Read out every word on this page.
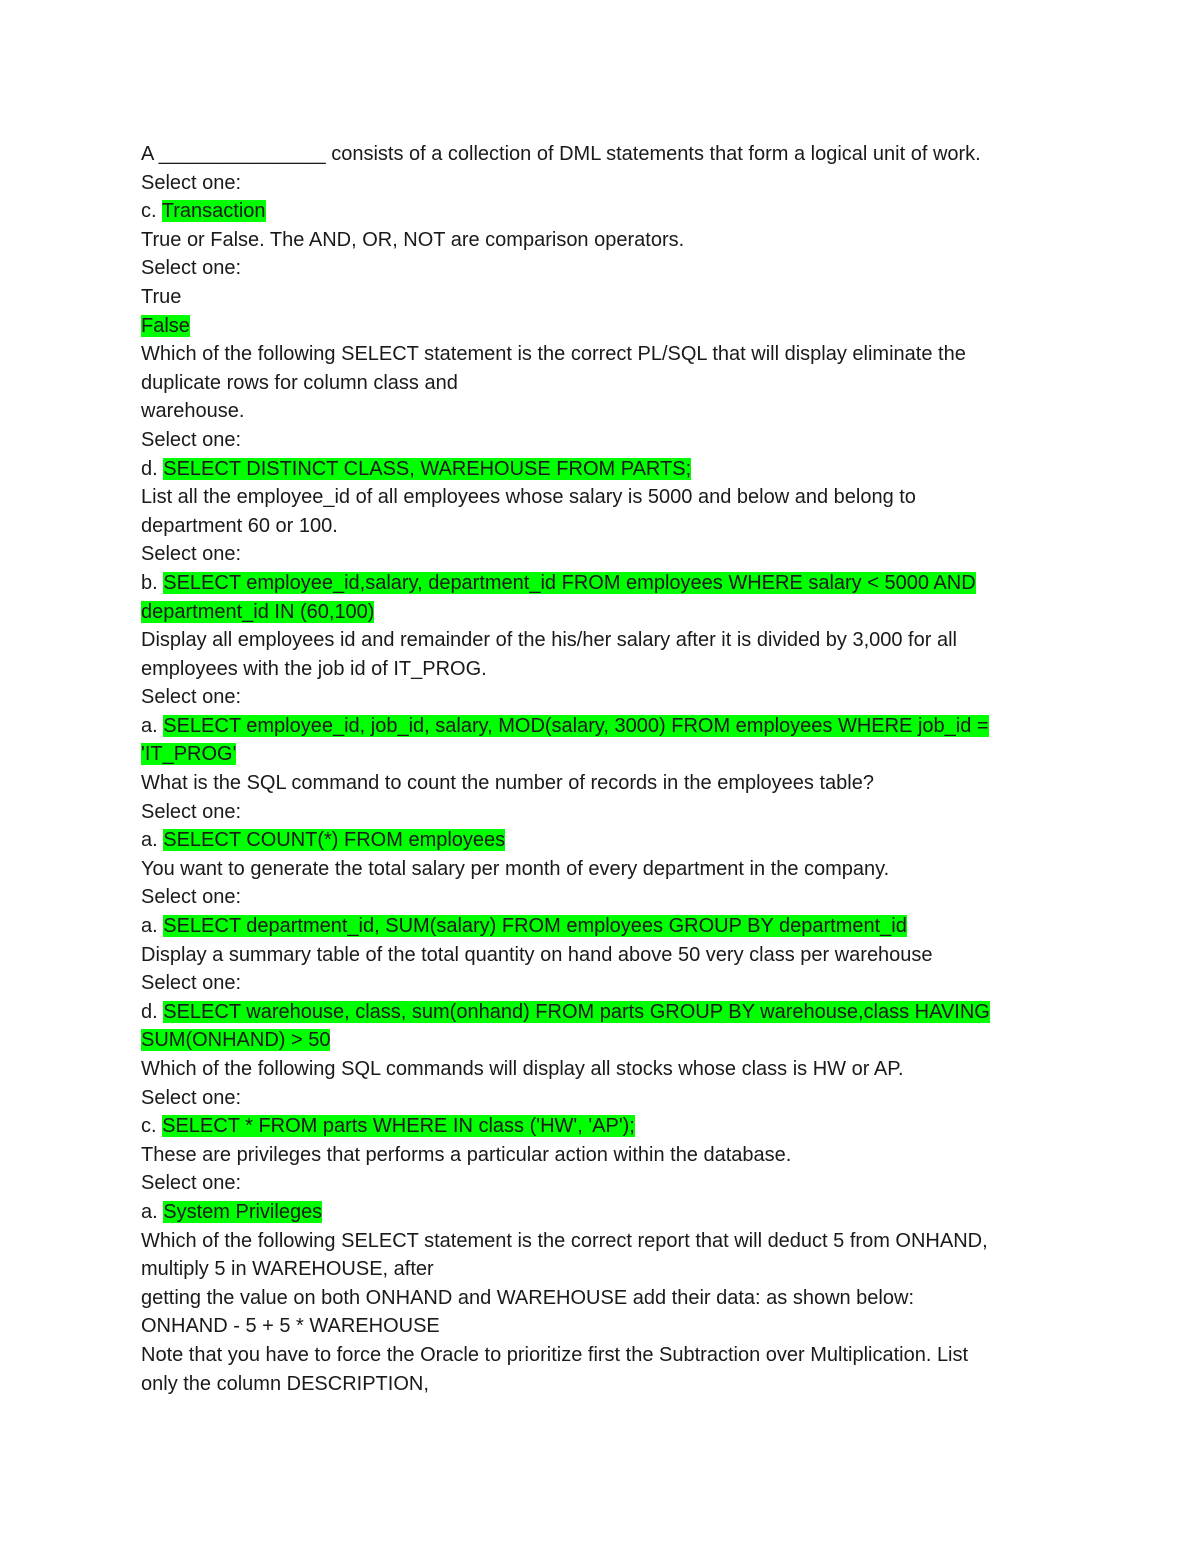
A _______________ consists of a collection of DML statements that form a logical unit of work.
Select one:
c. Transaction
True or False. The AND, OR, NOT are comparison operators.
Select one:
True
False
Which of the following SELECT statement is the correct PL/SQL that will display eliminate the
duplicate rows for column class and
warehouse.
Select one:
d. SELECT DISTINCT CLASS, WAREHOUSE FROM PARTS;
List all the employee_id of all employees whose salary is 5000 and below and belong to
department 60 or 100.
Select one:
b. SELECT employee_id,salary, department_id FROM employees WHERE salary < 5000 AND
department_id IN (60,100)
Display all employees id and remainder of the his/her salary after it is divided by 3,000 for all
employees with the job id of IT_PROG.
Select one:
a. SELECT employee_id, job_id, salary, MOD(salary, 3000) FROM employees WHERE job_id =
'IT_PROG'
What is the SQL command to count the number of records in the employees table?
Select one:
a. SELECT COUNT(*) FROM employees
You want to generate the total salary per month of every department in the company.
Select one:
a. SELECT department_id, SUM(salary) FROM employees GROUP BY department_id
Display a summary table of the total quantity on hand above 50 very class per warehouse
Select one:
d. SELECT warehouse, class, sum(onhand) FROM parts GROUP BY warehouse,class HAVING
SUM(ONHAND) > 50
Which of the following SQL commands will display all stocks whose class is HW or AP.
Select one:
c. SELECT * FROM parts WHERE IN class ('HW', 'AP');
These are privileges that performs a particular action within the database.
Select one:
a. System Privileges
Which of the following SELECT statement is the correct report that will deduct 5 from ONHAND,
multiply 5 in WAREHOUSE, after
getting the value on both ONHAND and WAREHOUSE add their data: as shown below:
ONHAND - 5 + 5 * WAREHOUSE
Note that you have to force the Oracle to prioritize first the Subtraction over Multiplication. List
only the column DESCRIPTION,
